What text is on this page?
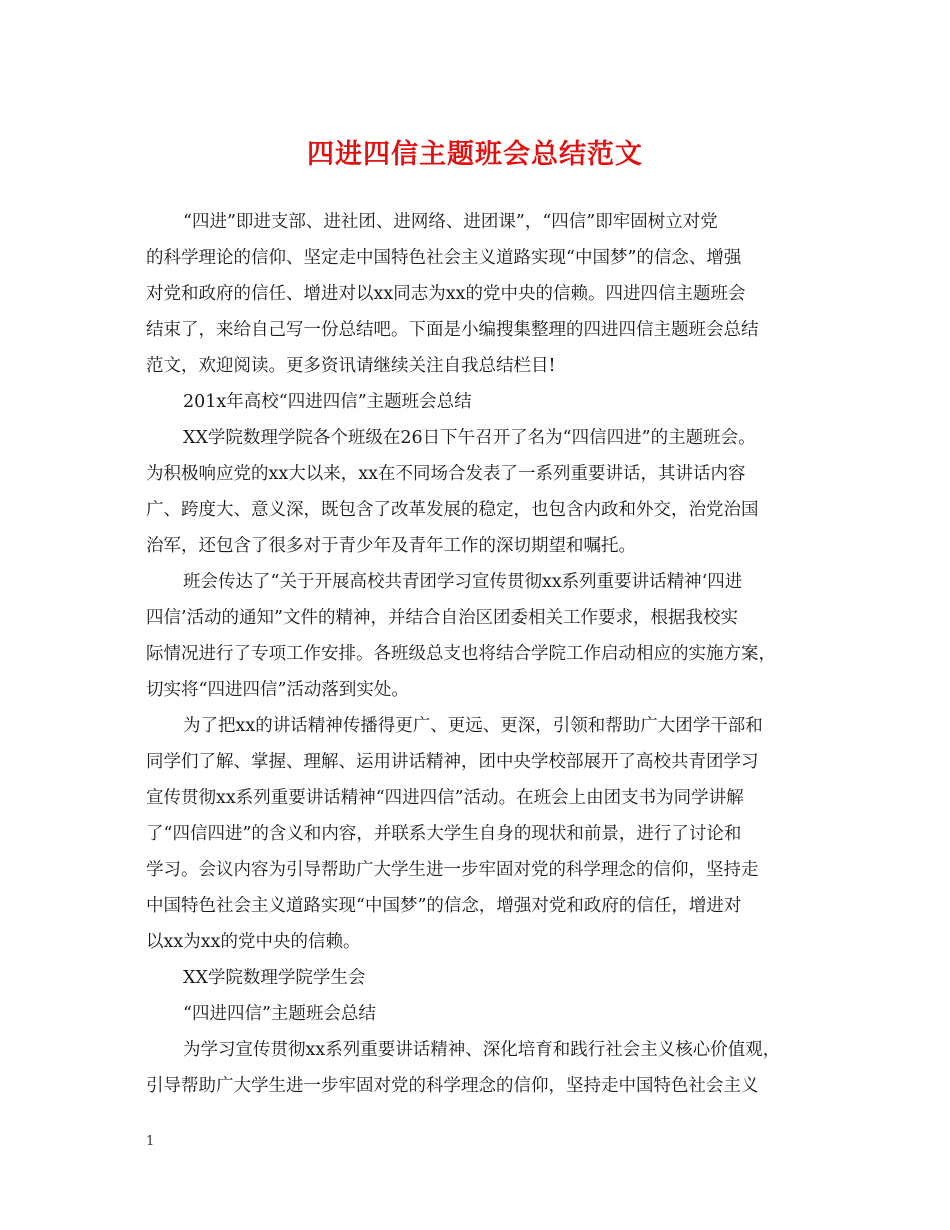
四进四信主题班会总结范文
“四进”即进支部、进社团、进网络、进团课”，“四信”即牢固树立对党
的科学理论的信仰、坚定走中国特色社会主义道路实现“中国梦”的信念、增强
对党和政府的信任、增进对以xx同志为xx的党中央的信赖。四进四信主题班会
结束了，来给自己写一份总结吧。下面是小编搜集整理的四进四信主题班会总结
范文，欢迎阅读。更多资讯请继续关注自我总结栏目!
201x年高校“四进四信”主题班会总结
XX学院数理学院各个班级在26日下午召开了名为“四信四进”的主题班会。
为积极响应党的xx大以来，xx在不同场合发表了一系列重要讲话，其讲话内容
广、跨度大、意义深，既包含了改革发展的稳定，也包含内政和外交，治党治国
治军，还包含了很多对于青少年及青年工作的深切期望和嘱托。
班会传达了“关于开展高校共青团学习宣传贯彻xx系列重要讲话精神‘四进
四信’活动的通知”文件的精神，并结合自治区团委相关工作要求，根据我校实
际情况进行了专项工作安排。各班级总支也将结合学院工作启动相应的实施方案，
切实将“四进四信”活动落到实处。
为了把xx的讲话精神传播得更广、更远、更深，引领和帮助广大团学干部和
同学们了解、掌握、理解、运用讲话精神，团中央学校部展开了高校共青团学习
宣传贯彻xx系列重要讲话精神“四进四信”活动。在班会上由团支书为同学讲解
了“四信四进”的含义和内容，并联系大学生自身的现状和前景，进行了讨论和
学习。会议内容为引导帮助广大学生进一步牢固对党的科学理念的信仰，坚持走
中国特色社会主义道路实现“中国梦”的信念，增强对党和政府的信任，增进对
以xx为xx的党中央的信赖。
XX学院数理学院学生会
“四进四信”主题班会总结
为学习宣传贯彻xx系列重要讲话精神、深化培育和践行社会主义核心价值观，
引导帮助广大学生进一步牢固对党的科学理念的信仰，坚持走中国特色社会主义
1
